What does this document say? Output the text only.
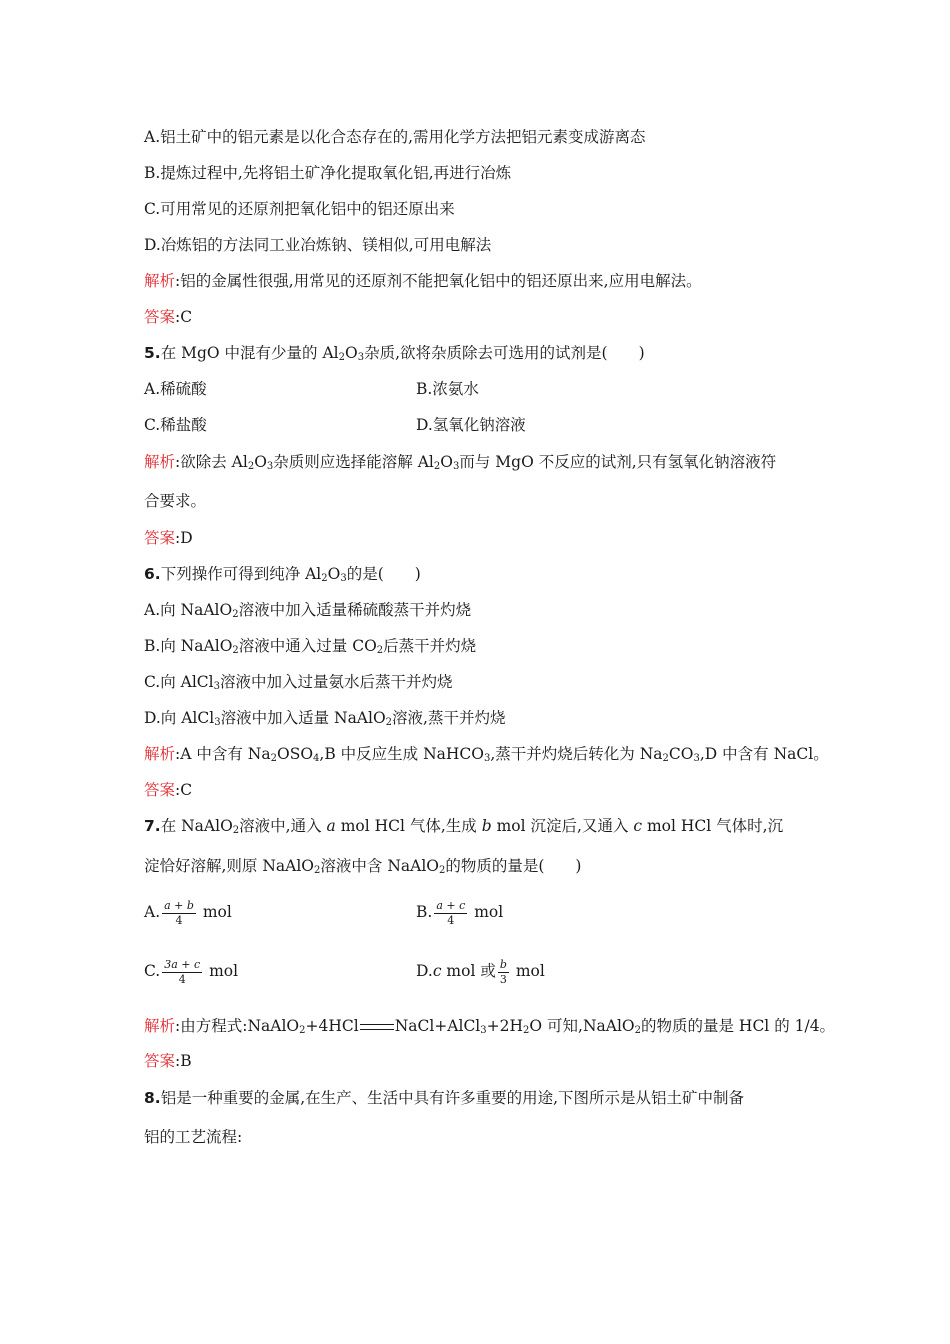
A.铝土矿中的铝元素是以化合态存在的,需用化学方法把铝元素变成游离态
B.提炼过程中,先将铝土矿净化提取氧化铝,再进行冶炼
C.可用常见的还原剂把氧化铝中的铝还原出来
D.冶炼铝的方法同工业冶炼钠、镁相似,可用电解法
解析:铝的金属性很强,用常见的还原剂不能把氧化铝中的铝还原出来,应用电解法。
答案:C
5.在 MgO 中混有少量的 $Al_2O_3$杂质,欲将杂质除去可选用的试剂是(　　)
A.稀硫酸	B.浓氨水
C.稀盐酸	D.氢氧化钠溶液
解析:欲除去 $Al_2O_3$杂质则应选择能溶解 $Al_2O_3$而与 MgO 不反应的试剂,只有氢氧化钠溶液符
合要求。
答案:D
6.下列操作可得到纯净 $Al_2O_3$的是(　　)
A.向 NaAlO$_2$溶液中加入适量稀硫酸蒸干并灼烧
B.向 NaAlO$_2$溶液中通入过量 $CO_2$后蒸干并灼烧
C.向 AlCl$_3$溶液中加入过量氨水后蒸干并灼烧
D.向 AlCl$_3$溶液中加入适量 NaAlO$_2$溶液,蒸干并灼烧
解析:A 中含有 $Na_2OSO_4,B$ 中反应生成 NaHCO$_3$,蒸干并灼烧后转化为 $Na_2CO_3,D$ 中含有 NaCl。
答案:C
7.在 NaAlO$_2$溶液中,通入 a mol HCl 气体,生成 b mol 沉淀后,又通入 c mol HCl 气体时,沉
淀恰好溶解,则原 NaAlO$_2$溶液中含 NaAlO$_2$的物质的量是(　　)
A. $\frac{a + b}{4}$ mol	B. $\frac{a + c}{4}$ mol
C. $\frac{3a + c}{4}$ mol	D.c mol 或 $\frac{b}{3}$ mol
解析:由方程式:NaAlO$_2$+4HCl $NaCl+AlCl_3+2H_2O$ 可知,NaAlO$_2$的物质的量是 HCl 的 1/4。
答案:B
8.铝是一种重要的金属,在生产、生活中具有许多重要的用途,下图所示是从铝土矿中制备
铝的工艺流程:
